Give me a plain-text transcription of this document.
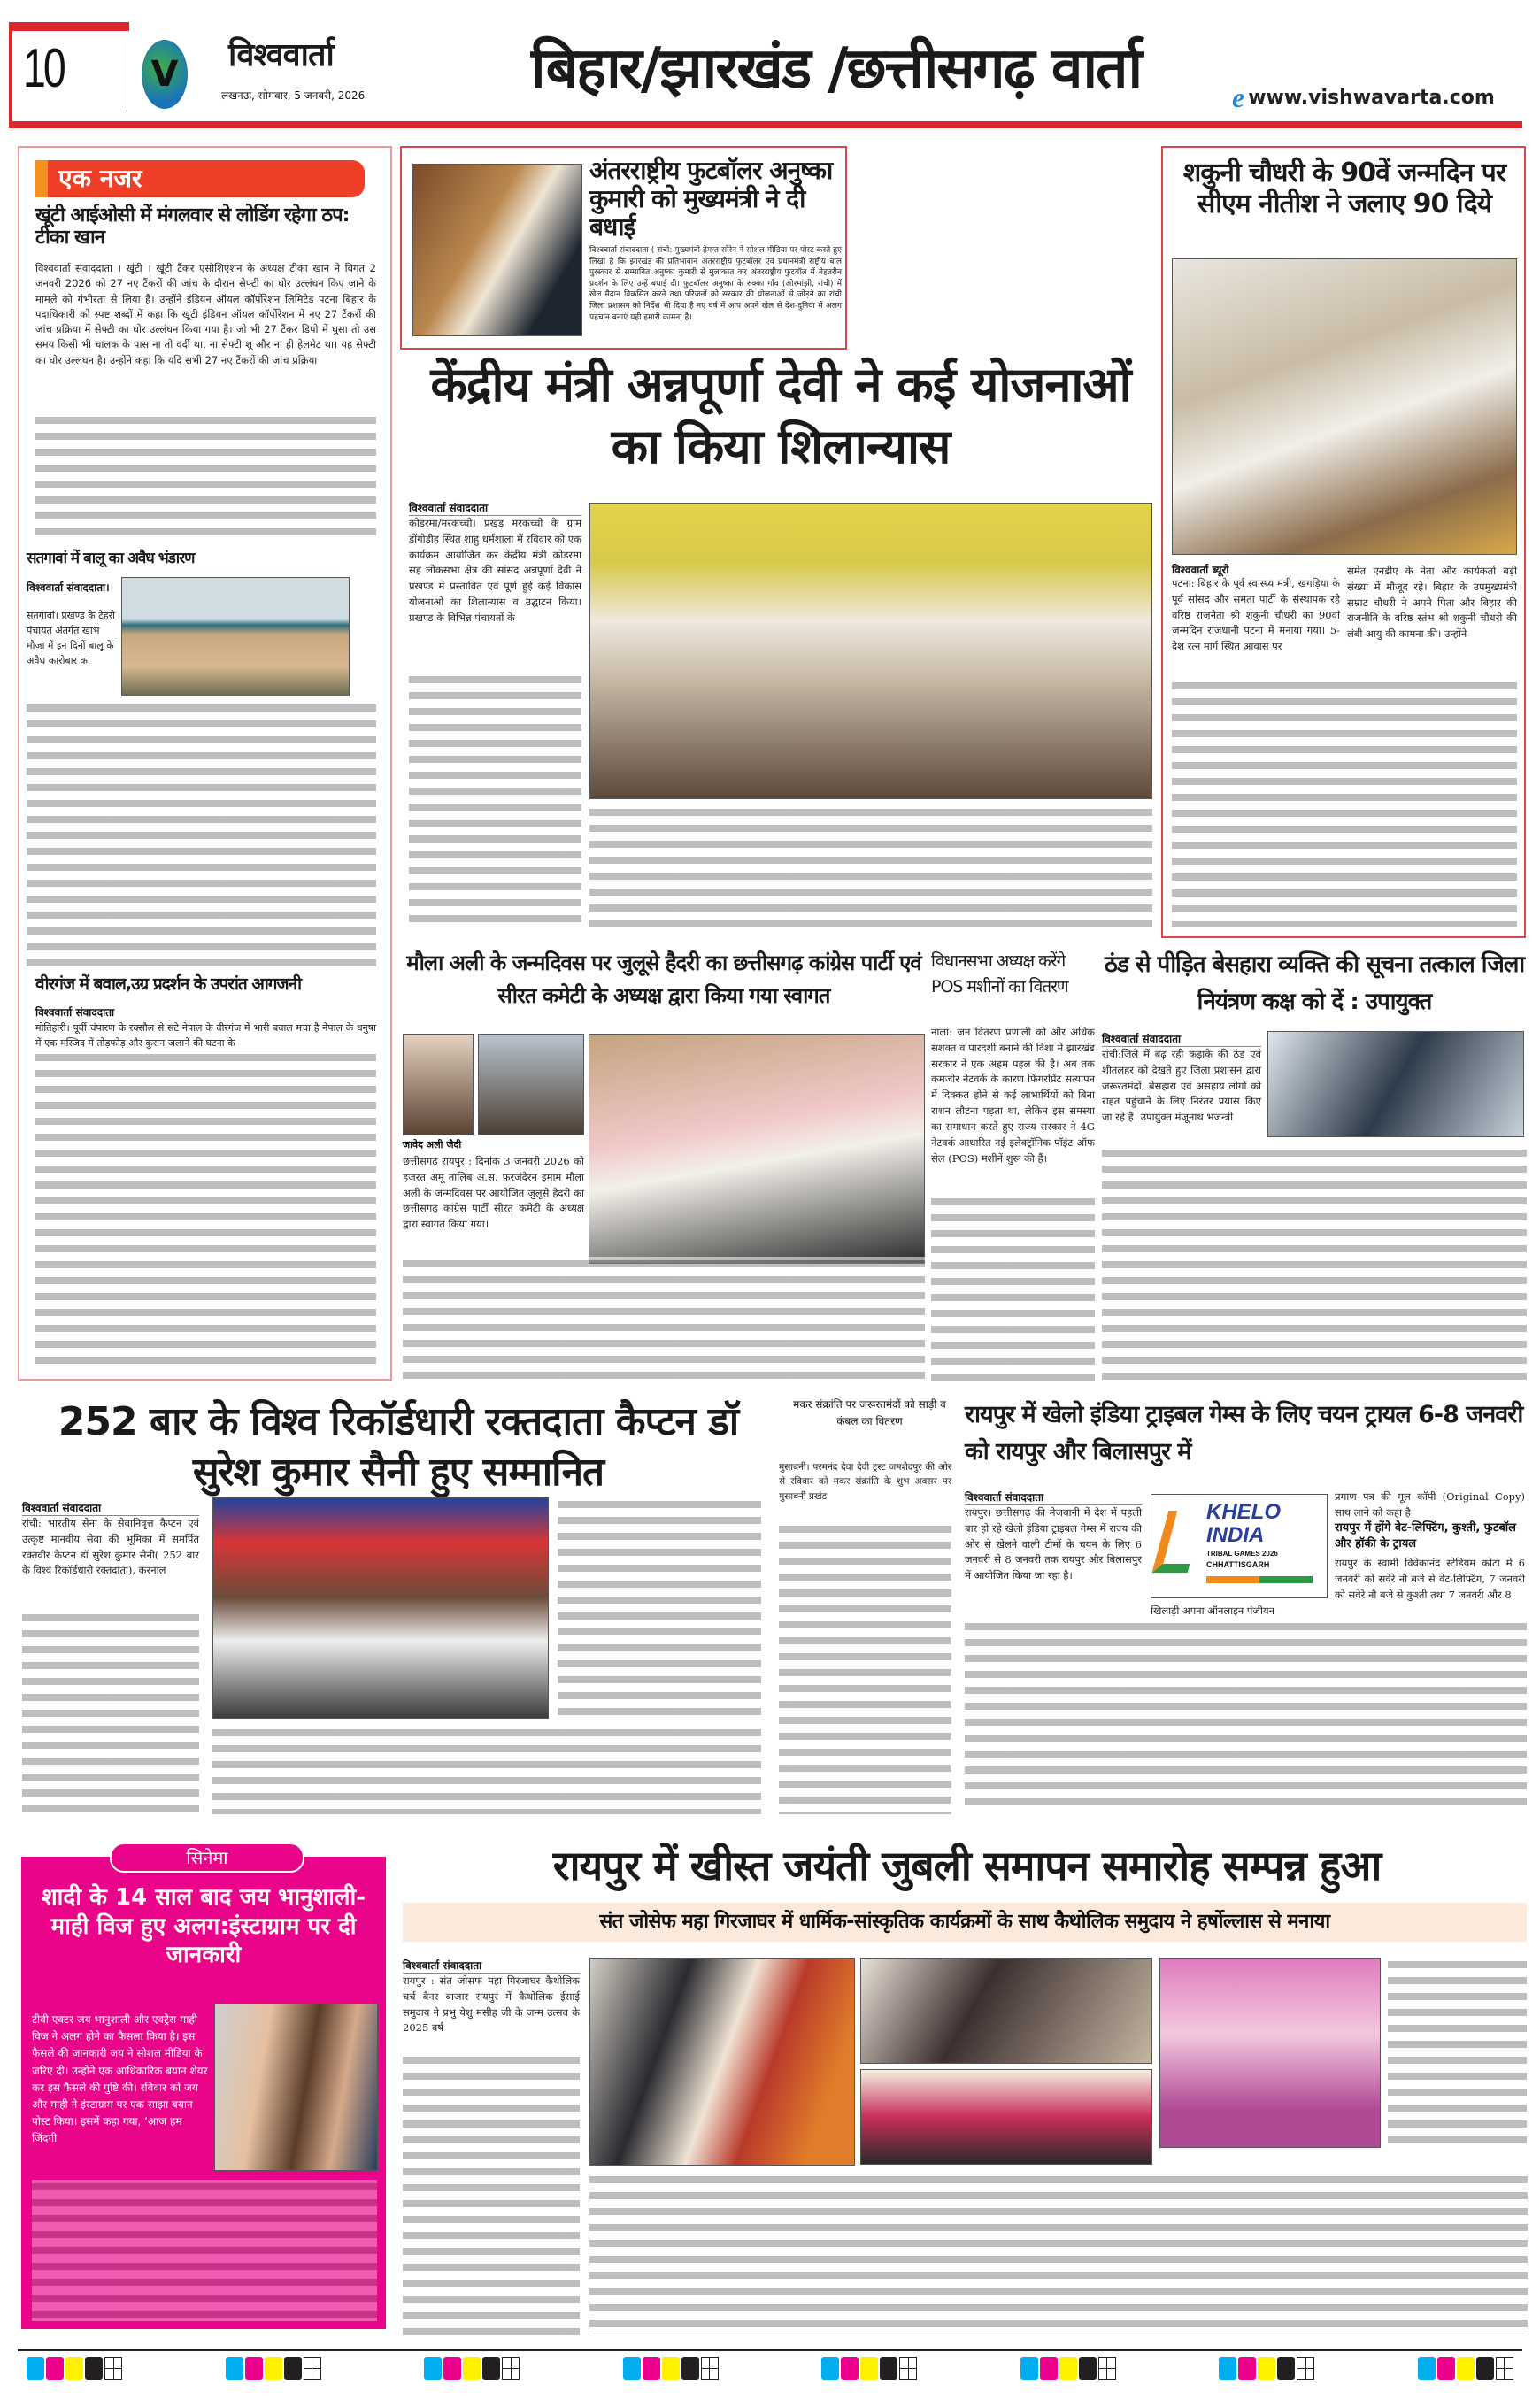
10 V विश्ववार्ता
लखनऊ, सोमवार, 5 जनवरी, 2026	बिहार/झारखंड /छत्तीसगढ़ वार्ता	e www.vishwavarta.com
एक नजर
खूंटी आईओसी में मंगलवार से लोडिंग रहेगा ठप: टीका खान
विश्ववार्ता संवाददाता । खूंटी । खूंटी टैंकर एसोशिएशन के अध्यक्ष टीका खान ने विगत 2 जनवरी 2026 को 27 नए टैंकरों की जांच के दौरान सेफ्टी का घोर उल्लंघन किए जाने के मामले को गंभीरता से लिया है। उन्होंने इंडियन ऑयल कॉर्पोरेशन लिमिटेड पटना बिहार के पदाधिकारी को स्पष्ट शब्दों में कहा कि खूंटी इंडियन ऑयल कॉर्पोरेशन में नए 27 टैंकरों की जांच प्रक्रिया में सेफ्टी का घोर उल्लंघन किया गया है। जो भी 27 टैंकर डिपो में घुसा तो उस समय किसी भी चालक के पास ना तो वर्दी था, ना सेफ्टी शू और ना ही हेलमेट था। यह सेफ्टी का घोर उल्लंघन है। उन्होंने कहा कि यदि सभी 27 नए टैंकरों की जांच प्रक्रिया
सतगावां में बालू का अवैध भंडारण
विश्ववार्ता संवाददाता।
सतगावां। प्रखण्ड के टेहरो पंचायत अंतर्गत खाभ मौजा में इन दिनों बालू के अवैध कारोबार का
वीरगंज में बवाल,उग्र प्रदर्शन के उपरांत आगजनी
विश्ववार्ता संवाददाता
मोतिहारी। पूर्वी चंपारण के रक्सौल से सटे नेपाल के वीरगंज में भारी बवाल मचा है नेपाल के धनुषा में एक मस्जिद में तोड़फोड़ और कुरान जलाने की घटना के
अंतरराष्ट्रीय फुटबॉलर अनुष्का कुमारी को मुख्यमंत्री ने दी बधाई
विश्ववार्ता संवाददाता ( रांची: मुख्यमंत्री हेमन्त सोरेन ने सोशल मीडिया पर पोस्ट करते हुए लिखा है कि झारखंड की प्रतिभावान अंतरराष्ट्रीय फुटबॉलर एवं प्रधानमंत्री राष्ट्रीय बाल पुरस्कार से सम्मानित अनुष्का कुमारी से मुलाकात कर अंतरराष्ट्रीय फुटबॉल में बेहतरीन प्रदर्शन के लिए उन्हें बधाई दी। फुटबॉलर अनुष्का के रुक्का गाँव (ओरमांझी, रांची) में खेल मैदान विकसित करने तथा परिजनों को सरकार की योजनाओं से जोड़ने का रांची जिला प्रशासन को निर्देश भी दिया है नए वर्ष में आप अपने खेल से देश-दुनिया में अलग पहचान बनाएं यही हमारी कामना है।
शकुनी चौधरी के 90वें जन्मदिन पर सीएम नीतीश ने जलाए 90 दिये
विश्ववार्ता ब्यूरो
पटना: बिहार के पूर्व स्वास्थ्य मंत्री, खगड़िया के पूर्व सांसद और समता पार्टी के संस्थापक रहे वरिष्ठ राजनेता श्री शकुनी चौधरी का 90वां जन्मदिन राजधानी पटना में मनाया गया। 5-देश रत्न मार्ग स्थित आवास पर
समेत एनडीए के नेता और कार्यकर्ता बड़ी संख्या में मौजूद रहे। बिहार के उपमुख्यमंत्री सम्राट चौधरी ने अपने पिता और बिहार की राजनीति के वरिष्ठ स्तंभ श्री शकुनी चौधरी की लंबी आयु की कामना की। उन्होंने
केंद्रीय मंत्री अन्नपूर्णा देवी ने कई योजनाओं का किया शिलान्यास
विश्ववार्ता संवाददाता
कोडरमा/मरकच्चो। प्रखंड मरकच्चो के ग्राम डोंगोडीह स्थित शाहु धर्मशाला में रविवार को एक कार्यक्रम आयोजित कर केंद्रीय मंत्री कोडरमा सह लोकसभा क्षेत्र की सांसद अन्नपूर्णा देवी ने प्रखण्ड में प्रस्तावित एवं पूर्ण हुई कई विकास योजनाओं का शिलान्यास व उद्घाटन किया। प्रखण्ड के विभिन्न पंचायतों के
मौला अली के जन्मदिवस पर जुलूसे हैदरी का छत्तीसगढ़ कांग्रेस पार्टी एवं सीरत कमेटी के अध्यक्ष द्वारा किया गया स्वागत
जावेद अली जैदी
छत्तीसगढ़ रायपुर : दिनांक 3 जनवरी 2026 को हजरत अमू तालिब अ.स. फरजंदेरन इमाम मौला अली के जन्मदिवस पर आयोजित जुलूसे हैदरी का छत्तीसगढ़ कांग्रेस पार्टी सीरत कमेटी के अध्यक्ष द्वारा स्वागत किया गया।
विधानसभा अध्यक्ष करेंगे POS मशीनों का वितरण
नाला: जन वितरण प्रणाली को और अधिक सशक्त व पारदर्शी बनाने की दिशा में झारखंड सरकार ने एक अहम पहल की है। अब तक कमजोर नेटवर्क के कारण फिंगरप्रिंट सत्यापन में दिक्कत होने से कई लाभार्थियों को बिना राशन लौटना पड़ता था, लेकिन इस समस्या का समाधान करते हुए राज्य सरकार ने 4G नेटवर्क आधारित नई इलेक्ट्रॉनिक पॉइंट ऑफ सेल (POS) मशीनें शुरू की हैं।
ठंड से पीड़ित बेसहारा व्यक्ति की सूचना तत्काल जिला नियंत्रण कक्ष को दें : उपायुक्त
विश्ववार्ता संवाददाता
रांची:जिले में बढ़ रही कड़ाके की ठंड एवं शीतलहर को देखते हुए जिला प्रशासन द्वारा जरूरतमंदों, बेसहारा एवं असहाय लोगों को राहत पहुंचाने के लिए निरंतर प्रयास किए जा रहे हैं। उपायुक्त मंजूनाथ भजन्त्री
252 बार के विश्व रिकॉर्डधारी रक्तदाता कैप्टन डॉ सुरेश कुमार सैनी हुए सम्मानित
विश्ववार्ता संवाददाता
रांची: भारतीय सेना के सेवानिवृत्त कैप्टन एवं उत्कृष्ट मानवीय सेवा की भूमिका में समर्पित रक्तवीर कैप्टन डॉ सुरेश कुमार सैनी( 252 बार के विश्व रिकॉर्डधारी रक्तदाता), करनाल
मकर संक्रांति पर जरूरतमंदों को साड़ी व कंबल का वितरण
मुसाबनी। परमनंद देवा देवी ट्रस्ट जमशेदपुर की ओर से रविवार को मकर संक्रांति के शुभ अवसर पर मुसाबनी प्रखंड
रायपुर में खेलो इंडिया ट्राइबल गेम्स के लिए चयन ट्रायल 6-8 जनवरी को रायपुर और बिलासपुर में
विश्ववार्ता संवाददाता
रायपुर। छत्तीसगढ़ की मेजबानी में देश में पहली बार हो रहे खेलो इंडिया ट्राइबल गेम्स में राज्य की ओर से खेलने वाली टीमों के चयन के लिए 6 जनवरी से 8 जनवरी तक रायपुर और बिलासपुर में आयोजित किया जा रहा है।
KHELO
INDIA
TRIBAL GAMES 2026
CHHATTISGARH
प्रमाण पत्र की मूल कॉपी (Original Copy) साथ लाने को कहा है।
रायपुर में होंगे वेट-लिफ्टिंग, कुश्ती, फुटबॉल और हॉकी के ट्रायल
रायपुर के स्वामी विवेकानंद स्टेडियम कोटा में 6 जनवरी को सवेरे नौ बजे से वेट-लिफ्टिंग, 7 जनवरी को सवेरे नौ बजे से कुश्ती तथा 7 जनवरी और 8
खिलाड़ी अपना ऑनलाइन पंजीयन
सिनेमा
शादी के 14 साल बाद जय भानुशाली-माही विज हुए अलग:इंस्टाग्राम पर दी जानकारी
टीवी एक्टर जय भानुशाली और एक्ट्रेस माही विज ने अलग होने का फैसला किया है। इस फैसले की जानकारी जय ने सोशल मीडिया के जरिए दी। उन्होंने एक आधिकारिक बयान शेयर कर इस फैसले की पुष्टि की। रविवार को जय और माही ने इंस्टाग्राम पर एक साझा बयान पोस्ट किया। इसमें कहा गया, ‘आज हम जिंदगी
रायपुर में खीस्त जयंती जुबली समापन समारोह सम्पन्न हुआ
संत जोसेफ महा गिरजाघर में धार्मिक-सांस्कृतिक कार्यक्रमों के साथ कैथोलिक समुदाय ने हर्षोल्लास से मनाया
विश्ववार्ता संवाददाता
रायपुर : संत जोसफ महा गिरजाघर कैथोलिक चर्च बैनर बाजार रायपुर में कैथोलिक ईसाई समुदाय ने प्रभु येशु मसीह जी के जन्म उत्सव के 2025 वर्ष
